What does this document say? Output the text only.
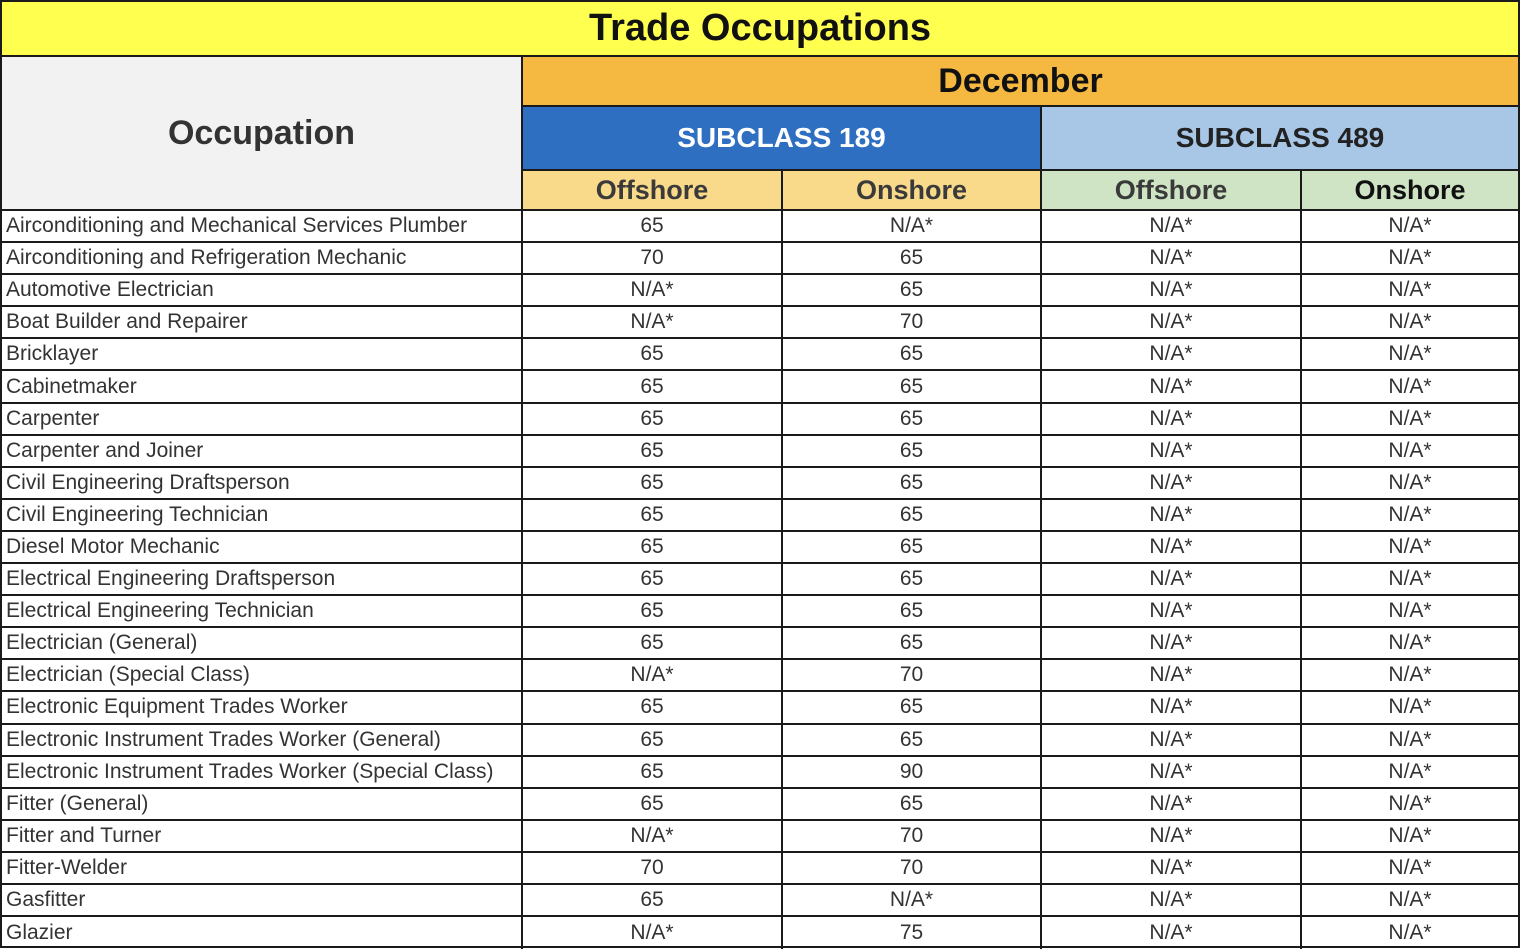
Trade Occupations
Occupation
December
SUBCLASS 189	SUBCLASS 489
Offshore	Onshore	Offshore	Onshore
Airconditioning and Mechanical Services Plumber	65	N/A*	N/A*	N/A*
Airconditioning and Refrigeration Mechanic	70	65	N/A*	N/A*
Automotive Electrician	N/A*	65	N/A*	N/A*
Boat Builder and Repairer	N/A*	70	N/A*	N/A*
Bricklayer	65	65	N/A*	N/A*
Cabinetmaker	65	65	N/A*	N/A*
Carpenter	65	65	N/A*	N/A*
Carpenter and Joiner	65	65	N/A*	N/A*
Civil Engineering Draftsperson	65	65	N/A*	N/A*
Civil Engineering Technician	65	65	N/A*	N/A*
Diesel Motor Mechanic	65	65	N/A*	N/A*
Electrical Engineering Draftsperson	65	65	N/A*	N/A*
Electrical Engineering Technician	65	65	N/A*	N/A*
Electrician (General)	65	65	N/A*	N/A*
Electrician (Special Class)	N/A*	70	N/A*	N/A*
Electronic Equipment Trades Worker	65	65	N/A*	N/A*
Electronic Instrument Trades Worker (General)	65	65	N/A*	N/A*
Electronic Instrument Trades Worker (Special Class)	65	90	N/A*	N/A*
Fitter (General)	65	65	N/A*	N/A*
Fitter and Turner	N/A*	70	N/A*	N/A*
Fitter-Welder	70	70	N/A*	N/A*
Gasfitter	65	N/A*	N/A*	N/A*
Glazier	N/A*	75	N/A*	N/A*
